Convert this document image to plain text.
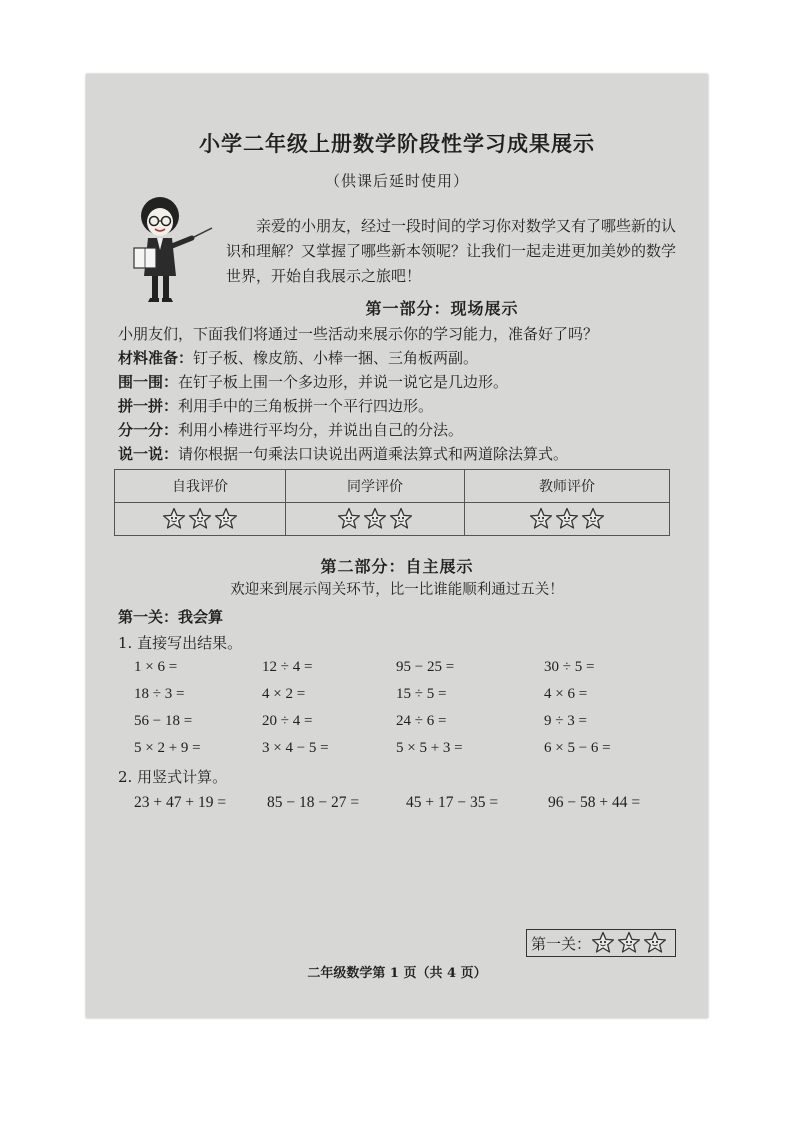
小学二年级上册数学阶段性学习成果展示
（供课后延时使用）
亲爱的小朋友，经过一段时间的学习你对数学又有了哪些新的认识和理解？又掌握了哪些新本领呢？让我们一起走进更加美妙的数学世界，开始自我展示之旅吧！
第一部分：现场展示
小朋友们，下面我们将通过一些活动来展示你的学习能力，准备好了吗？
材料准备：钉子板、橡皮筋、小棒一捆、三角板两副。
围一围：在钉子板上围一个多边形，并说一说它是几边形。
拼一拼：利用手中的三角板拼一个平行四边形。
分一分：利用小棒进行平均分，并说出自己的分法。
说一说：请你根据一句乘法口诀说出两道乘法算式和两道除法算式。
自我评价	同学评价	教师评价

第二部分：自主展示
欢迎来到展示闯关环节，比一比谁能顺利通过五关！
第一关：我会算
1. 直接写出结果。
1 × 6 =	12 ÷ 4 =	95 − 25 =	30 ÷ 5 =
18 ÷ 3 =	4 × 2 =	15 ÷ 5 =	4 × 6 =
56 − 18 =	20 ÷ 4 =	24 ÷ 6 =	9 ÷ 3 =
5 × 2 + 9 =	3 × 4 − 5 =	5 × 5 + 3 =	6 × 5 − 6 =
2. 用竖式计算。
23 + 47 + 19 =	85 − 18 − 27 =	45 + 17 − 35 =	96 − 58 + 44 =
第一关：
二年级数学第 1 页（共 4 页）
